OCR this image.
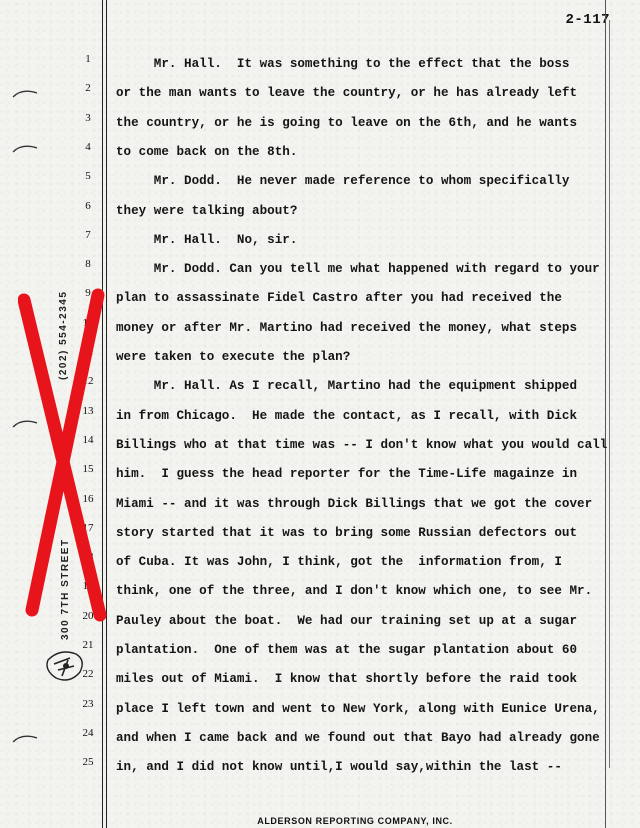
2-117
(202) 554-2345
300 7TH STREET
1
2
3
4
5
6
7
8
9
10
11
12
13
14
15
16
17
18
19
20
21
22
23
24
25
Mr. Hall.  It was something to the effect that the boss
or the man wants to leave the country, or he has already left
the country, or he is going to leave on the 6th, and he wants
to come back on the 8th.
Mr. Dodd.  He never made reference to whom specifically
they were talking about?
Mr. Hall.  No, sir.
Mr. Dodd. Can you tell me what happened with regard to your
plan to assassinate Fidel Castro after you had received the
money or after Mr. Martino had received the money, what steps
were taken to execute the plan?
Mr. Hall. As I recall, Martino had the equipment shipped
in from Chicago.  He made the contact, as I recall, with Dick
Billings who at that time was -- I don't know what you would call
him.  I guess the head reporter for the Time-Life magainze in
Miami -- and it was through Dick Billings that we got the cover
story started that it was to bring some Russian defectors out
of Cuba. It was John, I think, got the  information from, I
think, one of the three, and I don't know which one, to see Mr.
Pauley about the boat.  We had our training set up at a sugar
plantation.  One of them was at the sugar plantation about 60
miles out of Miami.  I know that shortly before the raid took
place I left town and went to New York, along with Eunice Urena,
and when I came back and we found out that Bayo had already gone
in, and I did not know until,I would say,within the last --
ALDERSON REPORTING COMPANY, INC.
